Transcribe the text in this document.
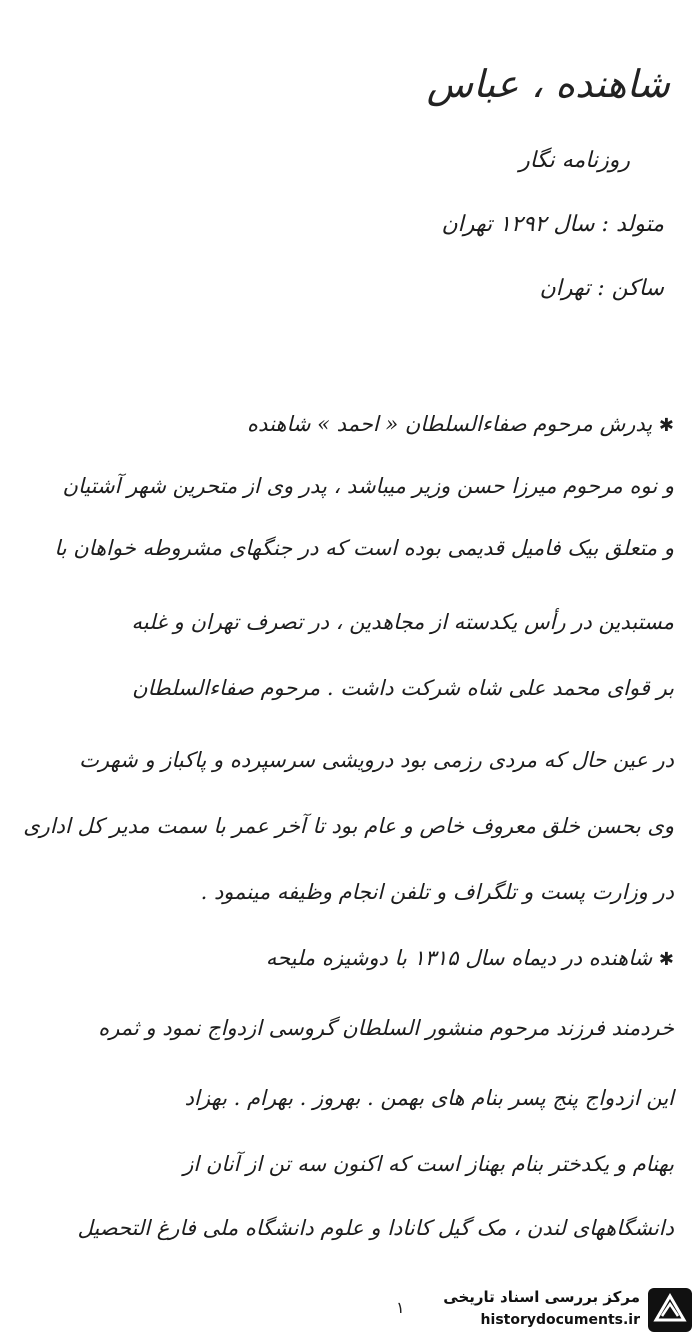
شاهنده ، عباس
روزنامه نگار
متولد : سال ۱۲۹۲ تهران
ساکن : تهران
✱ پدرش مرحوم صفاءالسلطان « احمد » شاهنده
و نوه مرحوم میرزا حسن وزیر میباشد ، پدر وی از متحرین شهر آشتیان
و متعلق بیک فامیل قدیمی بوده است که در جنگهای مشروطه خواهان با
مستبدین در رأس یکدسته از مجاهدین ، در تصرف تهران و غلبه
بر قوای محمد علی شاه شرکت داشت . مرحوم صفاءالسلطان
در عین حال که مردی رزمی بود درویشی سرسپرده و پاکباز و شهرت
وی بحسن خلق معروف خاص و عام بود تا آخر عمر با سمت مدیر کل اداری
در وزارت پست و تلگراف و تلفن انجام وظیفه مینمود .
✱ شاهنده در دیماه سال ۱۳۱۵ با دوشیزه ملیحه
خردمند فرزند مرحوم منشور السلطان گروسی ازدواج نمود و ثمره
این ازدواج پنج پسر بنام های بهمن . بهروز . بهرام . بهزاد
بهنام و یکدختر بنام بهناز است که اکنون سه تن از آنان از
دانشگاههای لندن ، مک گیل کانادا و علوم دانشگاه ملی فارغ التحصیل
۱
مرکز بررسی اسناد تاریخی
historydocuments.ir
